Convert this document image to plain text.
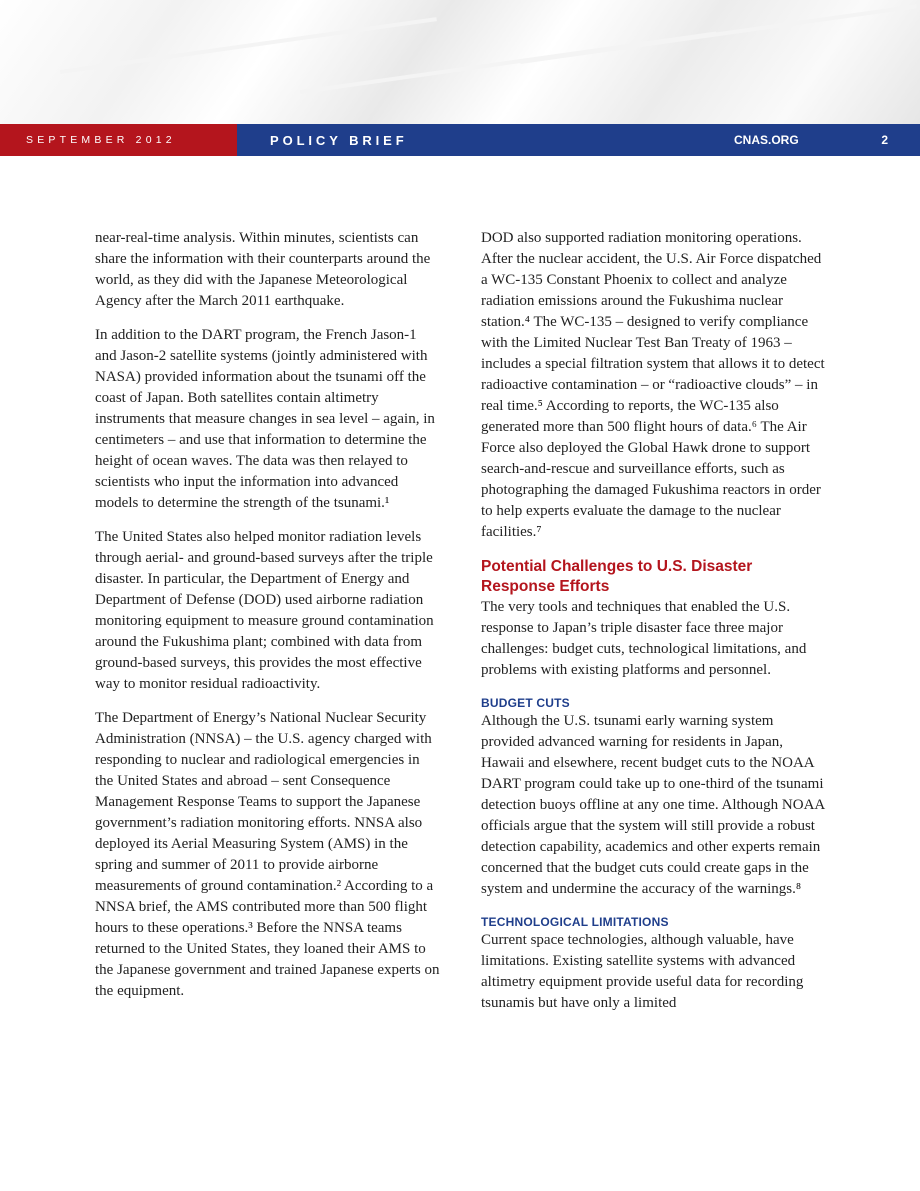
SEPTEMBER 2012	POLICY BRIEF	CNAS.ORG	2

near-real-time analysis. Within minutes, scientists can share the information with their counterparts around the world, as they did with the Japanese Meteorological Agency after the March 2011 earthquake.

In addition to the DART program, the French Jason-1 and Jason-2 satellite systems (jointly administered with NASA) provided information about the tsunami off the coast of Japan. Both satellites contain altimetry instruments that measure changes in sea level – again, in centimeters – and use that information to determine the height of ocean waves. The data was then relayed to scientists who input the information into advanced models to determine the strength of the tsunami.¹

The United States also helped monitor radiation levels through aerial- and ground-based surveys after the triple disaster. In particular, the Department of Energy and Department of Defense (DOD) used airborne radiation monitoring equipment to measure ground contamination around the Fukushima plant; combined with data from ground-based surveys, this provides the most effective way to monitor residual radioactivity.

The Department of Energy’s National Nuclear Security Administration (NNSA) – the U.S. agency charged with responding to nuclear and radiological emergencies in the United States and abroad – sent Consequence Management Response Teams to support the Japanese government’s radiation monitoring efforts. NNSA also deployed its Aerial Measuring System (AMS) in the spring and summer of 2011 to provide airborne measurements of ground contamination.² According to a NNSA brief, the AMS contributed more than 500 flight hours to these operations.³ Before the NNSA teams returned to the United States, they loaned their AMS to the Japanese government and trained Japanese experts on the equipment.

DOD also supported radiation monitoring operations. After the nuclear accident, the U.S. Air Force dispatched a WC-135 Constant Phoenix to collect and analyze radiation emissions around the Fukushima nuclear station.⁴ The WC-135 – designed to verify compliance with the Limited Nuclear Test Ban Treaty of 1963 – includes a special filtration system that allows it to detect radioactive contamination – or “radioactive clouds” – in real time.⁵ According to reports, the WC-135 also generated more than 500 flight hours of data.⁶ The Air Force also deployed the Global Hawk drone to support search-and-rescue and surveillance efforts, such as photographing the damaged Fukushima reactors in order to help experts evaluate the damage to the nuclear facilities.⁷

Potential Challenges to U.S. Disaster Response Efforts

The very tools and techniques that enabled the U.S. response to Japan’s triple disaster face three major challenges: budget cuts, technological limitations, and problems with existing platforms and personnel.

BUDGET CUTS

Although the U.S. tsunami early warning system provided advanced warning for residents in Japan, Hawaii and elsewhere, recent budget cuts to the NOAA DART program could take up to one-third of the tsunami detection buoys offline at any one time. Although NOAA officials argue that the system will still provide a robust detection capability, academics and other experts remain concerned that the budget cuts could create gaps in the system and undermine the accuracy of the warnings.⁸

TECHNOLOGICAL LIMITATIONS

Current space technologies, although valuable, have limitations. Existing satellite systems with advanced altimetry equipment provide useful data for recording tsunamis but have only a limited
